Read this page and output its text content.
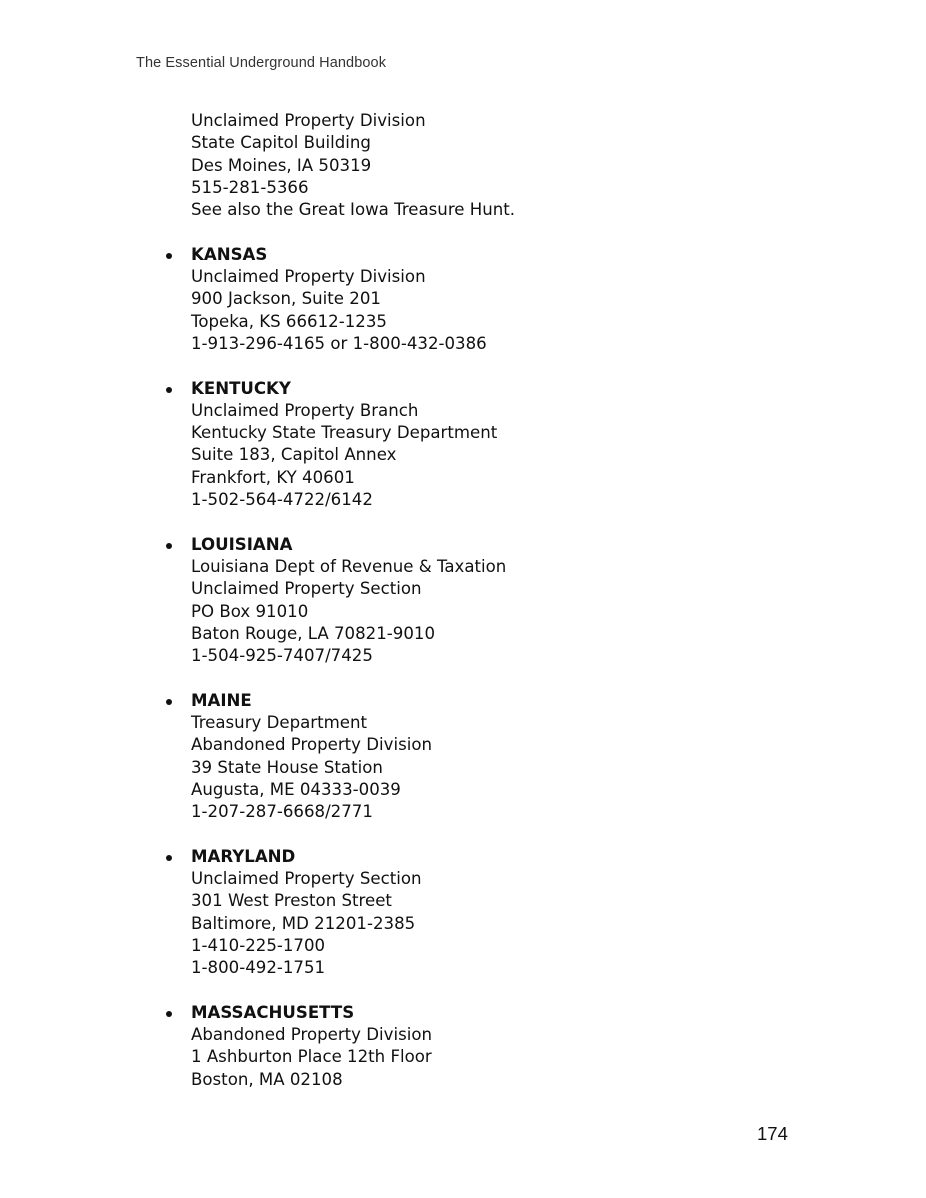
The Essential Underground Handbook
Unclaimed Property Division
State Capitol Building
Des Moines, IA 50319
515-281-5366
See also the Great Iowa Treasure Hunt.
KANSAS
Unclaimed Property Division
900 Jackson, Suite 201
Topeka, KS 66612-1235
1-913-296-4165 or 1-800-432-0386
KENTUCKY
Unclaimed Property Branch
Kentucky State Treasury Department
Suite 183, Capitol Annex
Frankfort, KY 40601
1-502-564-4722/6142
LOUISIANA
Louisiana Dept of Revenue & Taxation
Unclaimed Property Section
PO Box 91010
Baton Rouge, LA 70821-9010
1-504-925-7407/7425
MAINE
Treasury Department
Abandoned Property Division
39 State House Station
Augusta, ME 04333-0039
1-207-287-6668/2771
MARYLAND
Unclaimed Property Section
301 West Preston Street
Baltimore, MD 21201-2385
1-410-225-1700
1-800-492-1751
MASSACHUSETTS
Abandoned Property Division
1 Ashburton Place 12th Floor
Boston, MA 02108
174
